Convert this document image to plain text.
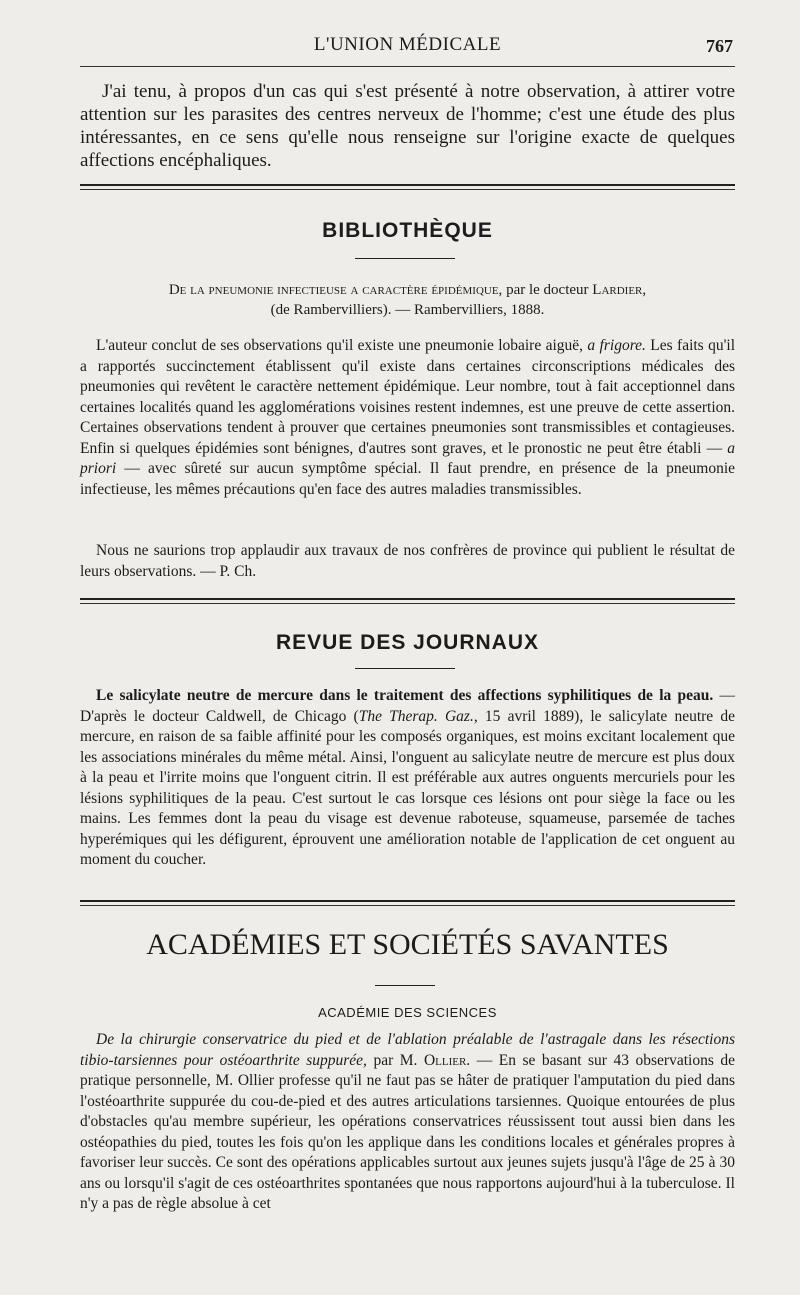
L'UNION MÉDICALE	767

J'ai tenu, à propos d'un cas qui s'est présenté à notre observation, à attirer votre attention sur les parasites des centres nerveux de l'homme; c'est une étude des plus intéressantes, en ce sens qu'elle nous renseigne sur l'origine exacte de quelques affections encéphaliques.

BIBLIOTHÈQUE

De la pneumonie infectieuse a caractère épidémique, par le docteur Lardier,
(de Rambervilliers). — Rambervilliers, 1888.

L'auteur conclut de ses observations qu'il existe une pneumonie lobaire aiguë, a frigore. Les faits qu'il a rapportés succinctement établissent qu'il existe dans certaines circonscriptions médicales des pneumonies qui revêtent le caractère nettement épidémique. Leur nombre, tout à fait acceptionnel dans certaines localités quand les agglomérations voisines restent indemnes, est une preuve de cette assertion. Certaines observations tendent à prouver que certaines pneumonies sont transmissibles et contagieuses. Enfin si quelques épidémies sont bénignes, d'autres sont graves, et le pronostic ne peut être établi — a priori — avec sûreté sur aucun symptôme spécial. Il faut prendre, en présence de la pneumonie infectieuse, les mêmes précautions qu'en face des autres maladies transmissibles.

Nous ne saurions trop applaudir aux travaux de nos confrères de province qui publient le résultat de leurs observations. — P. Ch.

REVUE DES JOURNAUX

Le salicylate neutre de mercure dans le traitement des affections syphilitiques de la peau. — D'après le docteur Caldwell, de Chicago (The Therap. Gaz., 15 avril 1889), le salicylate neutre de mercure, en raison de sa faible affinité pour les composés organiques, est moins excitant localement que les associations minérales du même métal. Ainsi, l'onguent au salicylate neutre de mercure est plus doux à la peau et l'irrite moins que l'onguent citrin. Il est préférable aux autres onguents mercuriels pour les lésions syphilitiques de la peau. C'est surtout le cas lorsque ces lésions ont pour siège la face ou les mains. Les femmes dont la peau du visage est devenue raboteuse, squameuse, parsemée de taches hyperémiques qui les défigurent, éprouvent une amélioration notable de l'application de cet onguent au moment du coucher.

ACADÉMIES ET SOCIÉTÉS SAVANTES
ACADÉMIE DES SCIENCES

De la chirurgie conservatrice du pied et de l'ablation préalable de l'astragale dans les résections tibio-tarsiennes pour ostéoarthrite suppurée, par M. Ollier. — En se basant sur 43 observations de pratique personnelle, M. Ollier professe qu'il ne faut pas se hâter de pratiquer l'amputation du pied dans l'ostéoarthrite suppurée du cou-de-pied et des autres articulations tarsiennes. Quoique entourées de plus d'obstacles qu'au membre supérieur, les opérations conservatrices réussissent tout aussi bien dans les ostéopathies du pied, toutes les fois qu'on les applique dans les conditions locales et générales propres à favoriser leur succès. Ce sont des opérations applicables surtout aux jeunes sujets jusqu'à l'âge de 25 à 30 ans ou lorsqu'il s'agit de ces ostéoarthrites spontanées que nous rapportons aujourd'hui à la tuberculose. Il n'y a pas de règle absolue à cet
